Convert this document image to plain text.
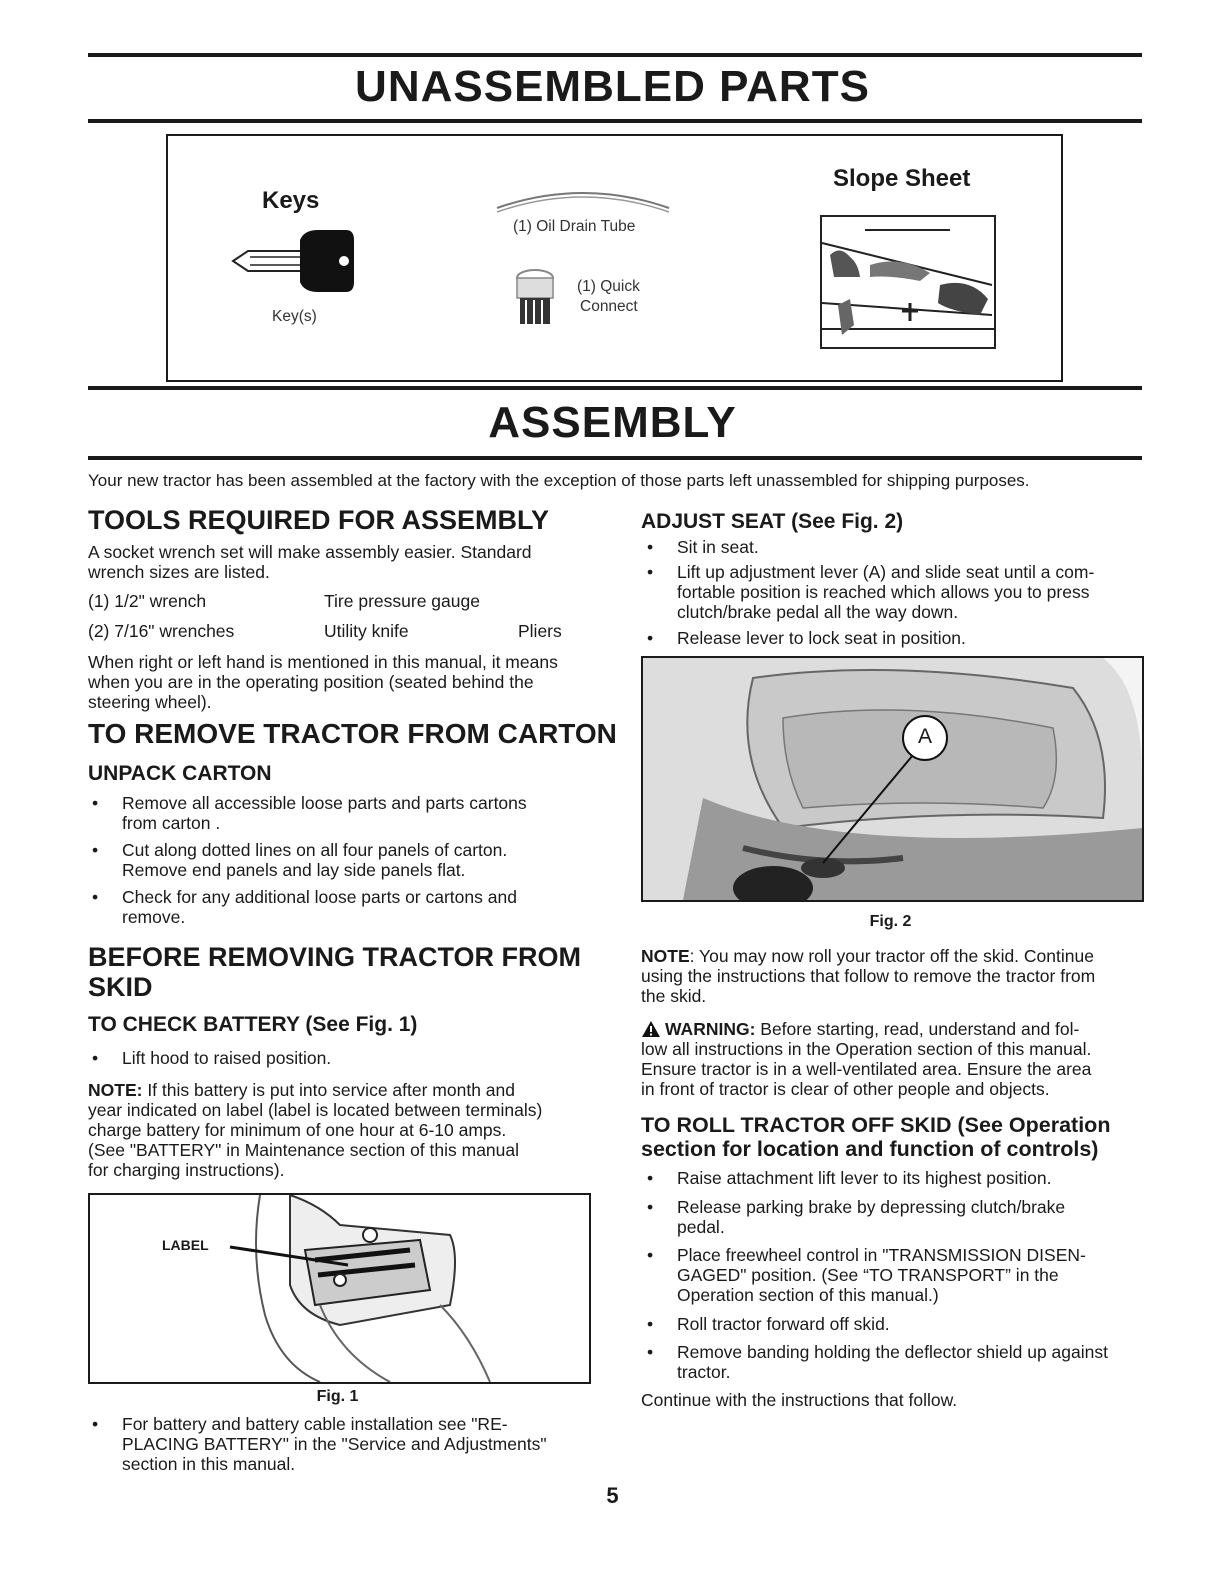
UNASSEMBLED PARTS
Keys
Key(s)
(1) Oil Drain Tube
(1) Quick
Connect
Slope Sheet
ASSEMBLY
Your new tractor has been assembled at the factory with the exception of those parts left unassembled for shipping purposes.
TOOLS REQUIRED FOR ASSEMBLY
A socket wrench set will make assembly easier. Standard
wrench sizes are listed.
(1) 1/2" wrench	Tire pressure gauge
(2) 7/16" wrenches	Utility knife	Pliers
When right or left hand is mentioned in this manual, it means
when you are in the operating position (seated behind the
steering wheel).
TO REMOVE TRACTOR FROM CARTON
UNPACK CARTON
• Remove all accessible loose parts and parts cartons
from carton .
• Cut along dotted lines on all four panels of carton.
Remove end panels and lay side panels flat.
• Check for any additional loose parts or cartons and
remove.
BEFORE REMOVING TRACTOR FROM
SKID
TO CHECK BATTERY (See Fig. 1)
• Lift hood to raised position.
NOTE: If this battery is put into service after month and
year indicated on label (label is located between terminals)
charge battery for minimum of one hour at 6-10 amps.
(See "BATTERY" in Maintenance section of this manual
for charging instructions).
LABEL
Fig. 1
• For battery and battery cable installation see "RE-
PLACING BATTERY" in the "Service and Adjustments"
section in this manual.
ADJUST SEAT (See Fig. 2)
• Sit in seat.
• Lift up adjustment lever (A) and slide seat until a com-
fortable position is reached which allows you to press
clutch/brake pedal all the way down.
• Release lever to lock seat in position.
A
Fig. 2
NOTE: You may now roll your tractor off the skid. Continue
using the instructions that follow to remove the tractor from
the skid.
WARNING: Before starting, read, understand and fol-
low all instructions in the Operation section of this manual.
Ensure tractor is in a well-ventilated area. Ensure the area
in front of tractor is clear of other people and objects.
TO ROLL TRACTOR OFF SKID (See Operation
section for location and function of controls)
• Raise attachment lift lever to its highest position.
• Release parking brake by depressing clutch/brake
pedal.
• Place freewheel control in "TRANSMISSION DISEN-
GAGED" position. (See “TO TRANSPORT” in the
Operation section of this manual.)
• Roll tractor forward off skid.
• Remove banding holding the deflector shield up against
tractor.
Continue with the instructions that follow.
5
